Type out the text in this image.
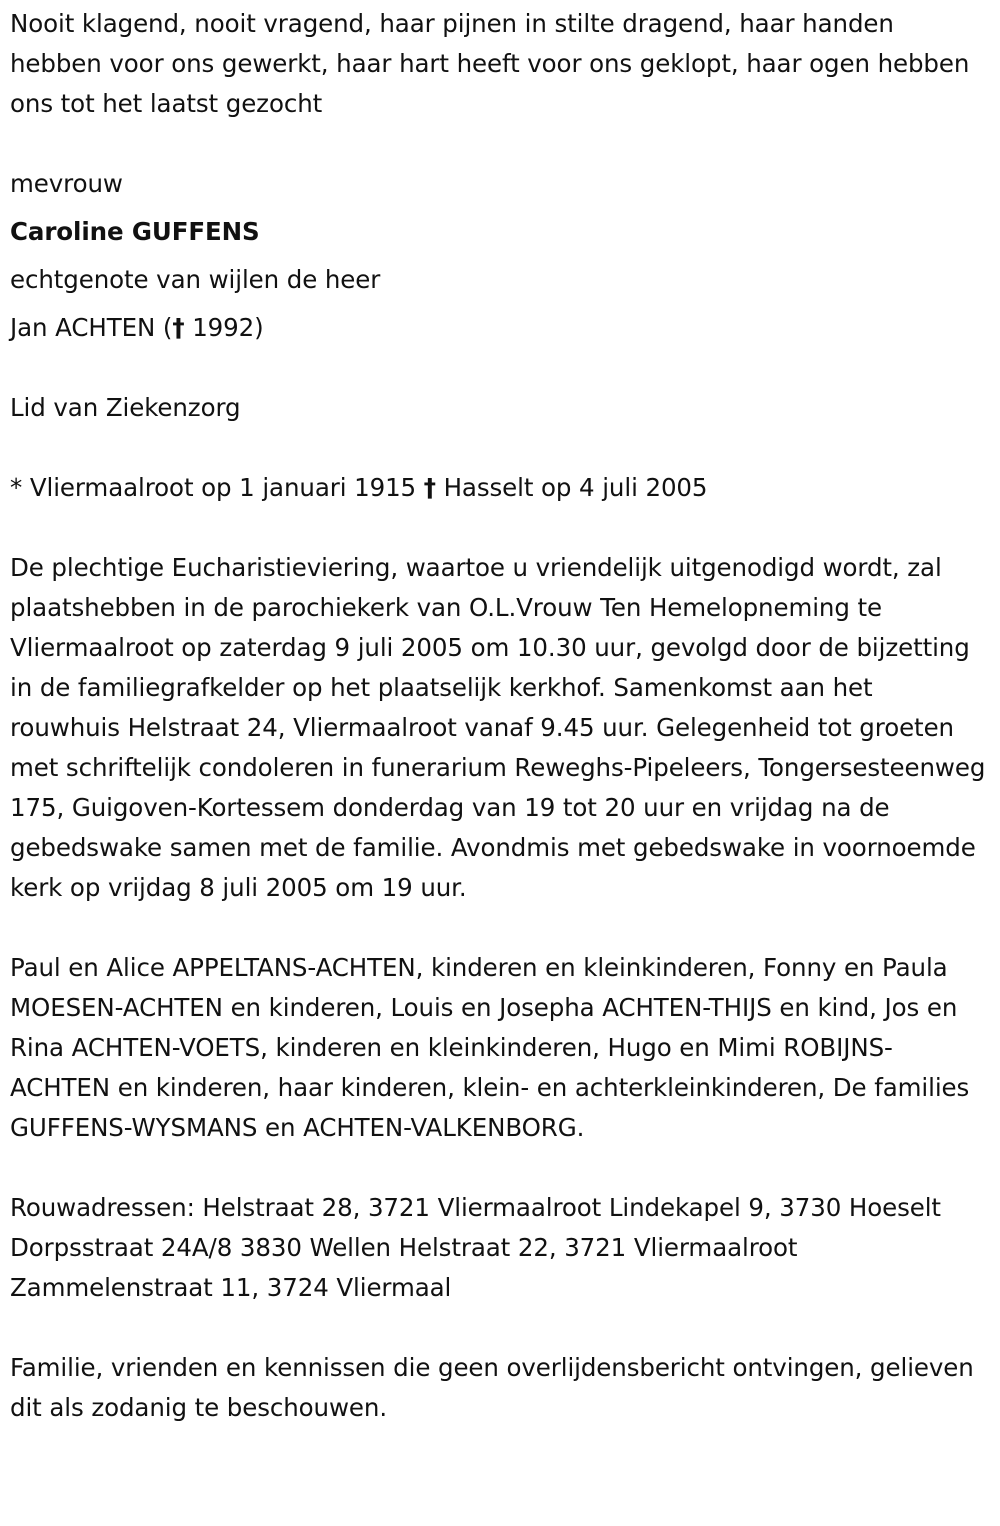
Nooit klagend, nooit vragend, haar pijnen in stilte dragend, haar handen hebben voor ons gewerkt, haar hart heeft voor ons geklopt, haar ogen hebben ons tot het laatst gezocht

mevrouw

Caroline GUFFENS

echtgenote van wijlen de heer

Jan ACHTEN († 1992)

Lid van Ziekenzorg

* Vliermaalroot op 1 januari 1915 † Hasselt op 4 juli 2005

De plechtige Eucharistieviering, waartoe u vriendelijk uitgenodigd wordt, zal plaatshebben in de parochiekerk van O.L.Vrouw Ten Hemelopneming te Vliermaalroot op zaterdag 9 juli 2005 om 10.30 uur, gevolgd door de bijzetting in de familiegrafkelder op het plaatselijk kerkhof. Samenkomst aan het rouwhuis Helstraat 24, Vliermaalroot vanaf 9.45 uur. Gelegenheid tot groeten met schriftelijk condoleren in funerarium Reweghs-Pipeleers, Tongersesteenweg 175, Guigoven-Kortessem donderdag van 19 tot 20 uur en vrijdag na de gebedswake samen met de familie. Avondmis met gebedswake in voornoemde kerk op vrijdag 8 juli 2005 om 19 uur.

Paul en Alice APPELTANS-ACHTEN, kinderen en kleinkinderen, Fonny en Paula MOESEN-ACHTEN en kinderen, Louis en Josepha ACHTEN-THIJS en kind, Jos en Rina ACHTEN-VOETS, kinderen en kleinkinderen, Hugo en Mimi ROBIJNS-ACHTEN en kinderen, haar kinderen, klein- en achterkleinkinderen, De families GUFFENS-WYSMANS en ACHTEN-VALKENBORG.

Rouwadressen: Helstraat 28, 3721 Vliermaalroot Lindekapel 9, 3730 Hoeselt Dorpsstraat 24A/8 3830 Wellen Helstraat 22, 3721 Vliermaalroot Zammelenstraat 11, 3724 Vliermaal

Familie, vrienden en kennissen die geen overlijdensbericht ontvingen, gelieven dit als zodanig te beschouwen.
